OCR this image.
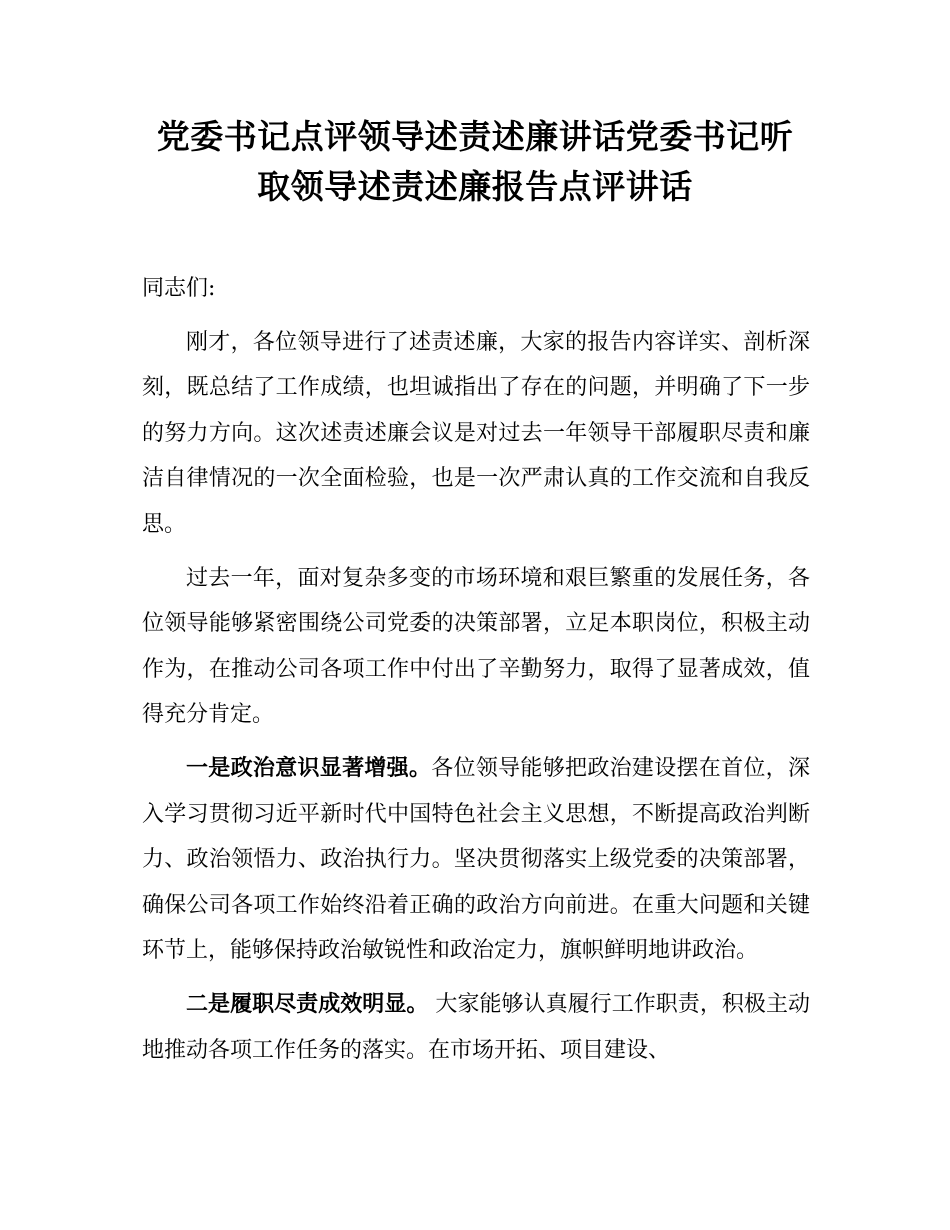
党委书记点评领导述责述廉讲话党委书记听
取领导述责述廉报告点评讲话

同志们:

刚才，各位领导进行了述责述廉，大家的报告内容详实、剖析深刻，既总结了工作成绩，也坦诚指出了存在的问题，并明确了下一步的努力方向。这次述责述廉会议是对过去一年领导干部履职尽责和廉洁自律情况的一次全面检验，也是一次严肃认真的工作交流和自我反思。

过去一年，面对复杂多变的市场环境和艰巨繁重的发展任务，各位领导能够紧密围绕公司党委的决策部署，立足本职岗位，积极主动作为，在推动公司各项工作中付出了辛勤努力，取得了显著成效，值得充分肯定。

一是政治意识显著增强。各位领导能够把政治建设摆在首位，深入学习贯彻习近平新时代中国特色社会主义思想，不断提高政治判断力、政治领悟力、政治执行力。坚决贯彻落实上级党委的决策部署，确保公司各项工作始终沿着正确的政治方向前进。在重大问题和关键环节上，能够保持政治敏锐性和政治定力，旗帜鲜明地讲政治。

二是履职尽责成效明显。 大家能够认真履行工作职责，积极主动地推动各项工作任务的落实。在市场开拓、项目建设、
